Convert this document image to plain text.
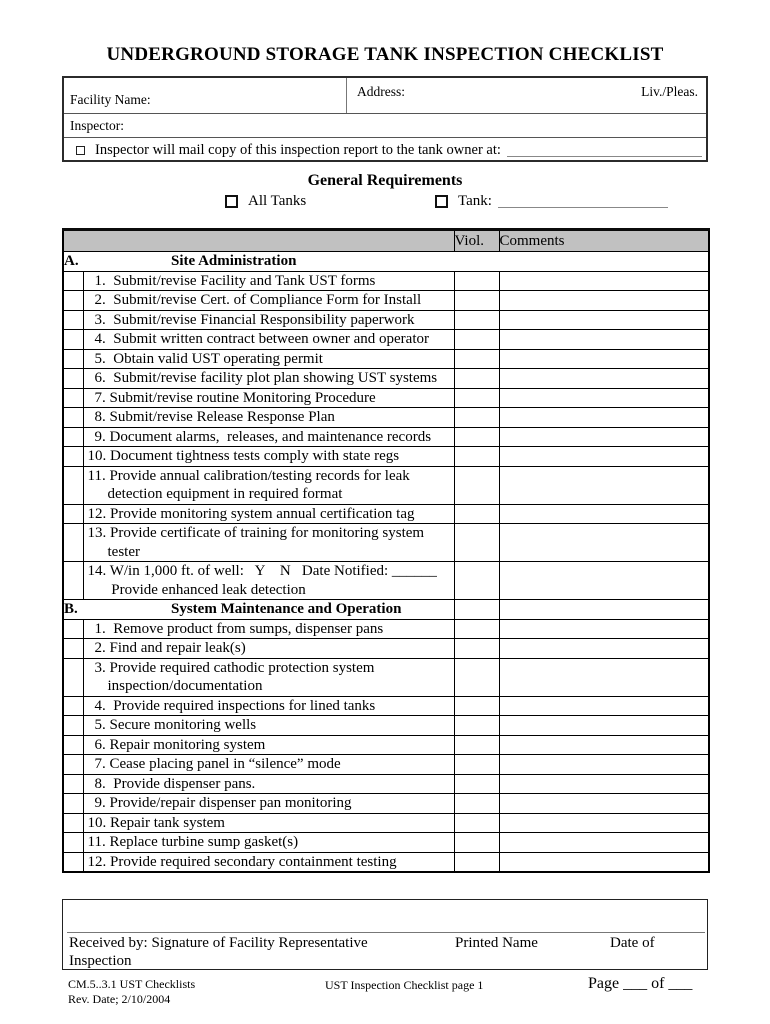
UNDERGROUND STORAGE TANK INSPECTION CHECKLIST
Facility Name:
Address:	Liv./Pleas.
Inspector:
Inspector will mail copy of this inspection report to the tank owner at:
General Requirements
All Tanks	Tank:
		Viol.	Comments
A. Site Administration			

	1.  Submit/revise Facility and Tank UST forms		

	2.  Submit/revise Cert. of Compliance Form for Install		

	3.  Submit/revise Financial Responsibility paperwork		

	4.  Submit written contract between owner and operator		

	5.  Obtain valid UST operating permit		

	6.  Submit/revise facility plot plan showing UST systems		

	7. Submit/revise routine Monitoring Procedure		

	8. Submit/revise Release Response Plan		

	9. Document alarms,  releases, and maintenance records		

	10. Document tightness tests comply with state regs		

	11. Provide annual calibration/testing records for leak
detection equipment in required format		

	12. Provide monitoring system annual certification tag		

	13. Provide certificate of training for monitoring system
tester		

	14. W/in 1,000 ft. of well:   Y    N   Date Notified: ______
Provide enhanced leak detection		

B. System Maintenance and Operation			

	1.  Remove product from sumps, dispenser pans		

	2. Find and repair leak(s)		

	3. Provide required cathodic protection system
inspection/documentation		

	4.  Provide required inspections for lined tanks		

	5. Secure monitoring wells		

	6. Repair monitoring system		

	7. Cease placing panel in “silence” mode		

	8.  Provide dispenser pans.		

	9. Provide/repair dispenser pan monitoring		

	10. Repair tank system		

	11. Replace turbine sump gasket(s)		

	12. Provide required secondary containment testing		

Received by: Signature of Facility Representative	Printed Name	Date of
Inspection
CM.5..3.1 UST Checklists
Rev. Date; 2/10/2004
UST Inspection Checklist page 1	Page ___ of ___
